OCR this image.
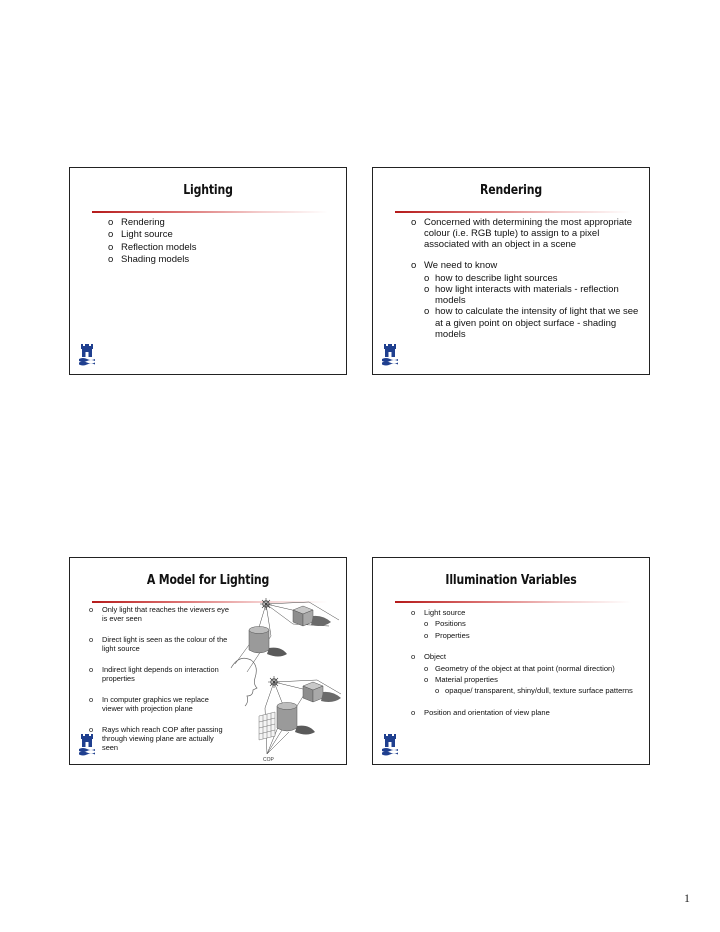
Lighting
o Rendering
o Light source
o Reflection models
o Shading models
Rendering
o Concerned with determining the most appropriate colour (i.e. RGB tuple) to assign to a pixel associated with an object in a scene
o We need to know
o how to describe light sources
o how light interacts with materials - reflection models
o how to calculate the intensity of light that we see at a given point on object surface - shading models
A Model for Lighting
o Only light that reaches the viewers eye is ever seen
o Direct light is seen as the colour of the light source
o Indirect light depends on interaction properties
o In computer graphics we replace viewer with projection plane
o Rays which reach COP after passing through viewing plane are actually seen
COP
Illumination Variables
o Light source
o Positions
o Properties
o Object
o Geometry of the object at that point (normal direction)
o Material properties
o opaque/ transparent, shiny/dull, texture surface patterns
o Position and orientation of view plane
1
